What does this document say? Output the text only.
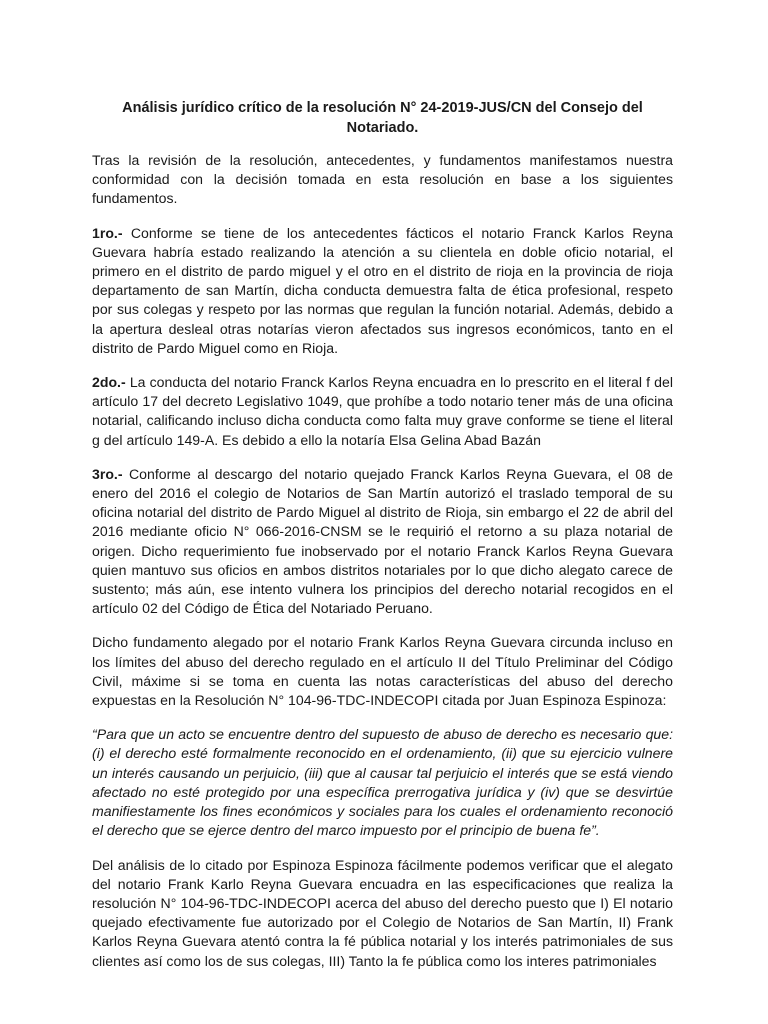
Análisis jurídico crítico de la resolución N° 24-2019-JUS/CN del Consejo del Notariado.

Tras la revisión de la resolución, antecedentes, y fundamentos manifestamos nuestra conformidad con la decisión tomada en esta resolución en base a los siguientes fundamentos.

1ro.- Conforme se tiene de los antecedentes fácticos el notario Franck Karlos Reyna Guevara habría estado realizando la atención a su clientela en doble oficio notarial, el primero en el distrito de pardo miguel y el otro en el distrito de rioja en la provincia de rioja departamento de san Martín, dicha conducta demuestra falta de ética profesional, respeto por sus colegas y respeto por las normas que regulan la función notarial. Además, debido a la apertura desleal otras notarías vieron afectados sus ingresos económicos, tanto en el distrito de Pardo Miguel como en Rioja.

2do.- La conducta del notario Franck Karlos Reyna encuadra en lo prescrito en el literal f del artículo 17 del decreto Legislativo 1049, que prohíbe a todo notario tener más de una oficina notarial, calificando incluso dicha conducta como falta muy grave conforme se tiene el literal g del artículo 149-A. Es debido a ello la notaría Elsa Gelina Abad Bazán

3ro.- Conforme al descargo del notario quejado Franck Karlos Reyna Guevara, el 08 de enero del 2016 el colegio de Notarios de San Martín autorizó el traslado temporal de su oficina notarial del distrito de Pardo Miguel al distrito de Rioja, sin embargo el 22 de abril del 2016 mediante oficio N° 066-2016-CNSM se le requirió el retorno a su plaza notarial de origen. Dicho requerimiento fue inobservado por el notario Franck Karlos Reyna Guevara quien mantuvo sus oficios en ambos distritos notariales por lo que dicho alegato carece de sustento; más aún, ese intento vulnera los principios del derecho notarial recogidos en el artículo 02 del Código de Ética del Notariado Peruano.

Dicho fundamento alegado por el notario Frank Karlos Reyna Guevara circunda incluso en los límites del abuso del derecho regulado en el artículo II del Título Preliminar del Código Civil, máxime si se toma en cuenta las notas características del abuso del derecho expuestas en la Resolución N° 104-96-TDC-INDECOPI citada por Juan Espinoza Espinoza:

“Para que un acto se encuentre dentro del supuesto de abuso de derecho es necesario que: (i) el derecho esté formalmente reconocido en el ordenamiento, (ii) que su ejercicio vulnere un interés causando un perjuicio, (iii) que al causar tal perjuicio el interés que se está viendo afectado no esté protegido por una específica prerrogativa jurídica y (iv) que se desvirtúe manifiestamente los fines económicos y sociales para los cuales el ordenamiento reconoció el derecho que se ejerce dentro del marco impuesto por el principio de buena fe”.

Del análisis de lo citado por Espinoza Espinoza fácilmente podemos verificar que el alegato del notario Frank Karlo Reyna Guevara encuadra en las especificaciones que realiza la resolución N° 104-96-TDC-INDECOPI acerca del abuso del derecho puesto que I) El notario quejado efectivamente fue autorizado por el Colegio de Notarios de San Martín, II) Frank Karlos Reyna Guevara atentó contra la fé pública notarial y los interés patrimoniales de sus clientes así como los de sus colegas, III) Tanto la fe pública como los interes patrimoniales
